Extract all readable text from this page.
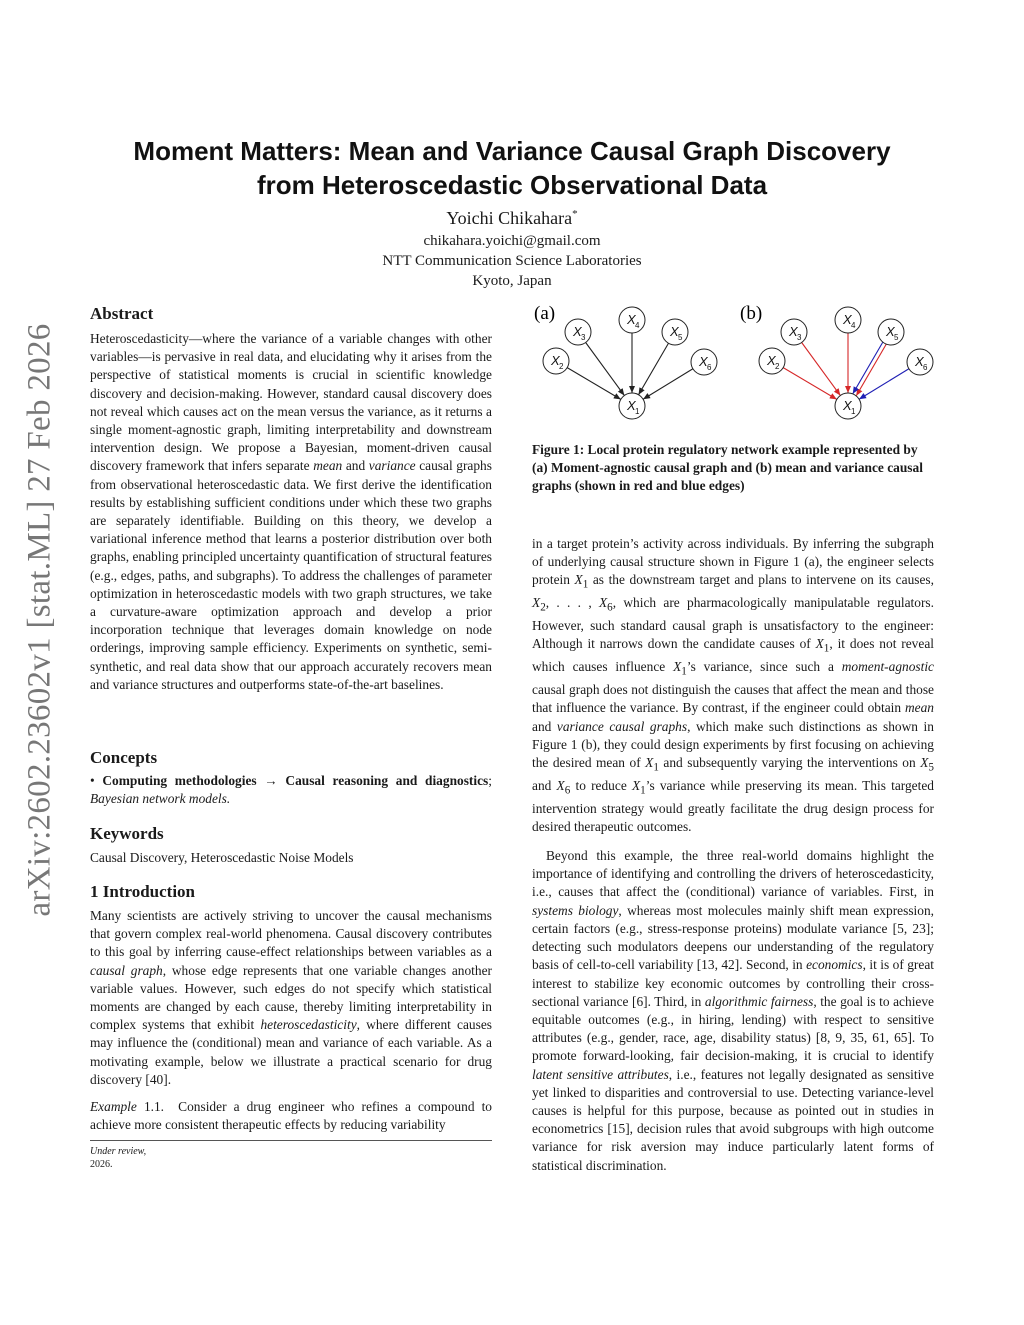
arXiv:2602.23602v1 [stat.ML] 27 Feb 2026
Moment Matters: Mean and Variance Causal Graph Discovery
from Heteroscedastic Observational Data
Yoichi Chikahara*
chikahara.yoichi@gmail.com
NTT Communication Science Laboratories
Kyoto, Japan
Abstract

Heteroscedasticity—where the variance of a variable changes with other variables—is pervasive in real data, and elucidating why it arises from the perspective of statistical moments is crucial in scientific knowledge discovery and decision-making. However, standard causal discovery does not reveal which causes act on the mean versus the variance, as it returns a single moment-agnostic graph, limiting interpretability and downstream intervention design. We propose a Bayesian, moment-driven causal discovery framework that infers separate mean and variance causal graphs from observational heteroscedastic data. We first derive the identification results by establishing sufficient conditions under which these two graphs are separately identifiable. Building on this theory, we develop a variational inference method that learns a posterior distribution over both graphs, enabling principled uncertainty quantification of structural features (e.g., edges, paths, and subgraphs). To address the challenges of parameter optimization in heteroscedastic models with two graph structures, we take a curvature-aware optimization approach and develop a prior incorporation technique that leverages domain knowledge on node orderings, improving sample efficiency. Experiments on synthetic, semi-synthetic, and real data show that our approach accurately recovers mean and variance structures and outperforms state-of-the-art baselines.

Concepts

• Computing methodologies → Causal reasoning and diagnostics; Bayesian network models.

Keywords
Causal Discovery, Heteroscedastic Noise Models
1 Introduction

Many scientists are actively striving to uncover the causal mechanisms that govern complex real-world phenomena. Causal discovery contributes to this goal by inferring cause-effect relationships between variables as a causal graph, whose edge represents that one variable changes another variable values. However, such edges do not specify which statistical moments are changed by each cause, thereby limiting interpretability in complex systems that exhibit heteroscedasticity, where different causes may influence the (conditional) mean and variance of each variable. As a motivating example, below we illustrate a practical scenario for drug discovery [40].

Example 1.1. Consider a drug engineer who refines a compound to achieve more consistent therapeutic effects by reducing variability

Under review,
2026.
(a)	(b)
X 3
X 4 X 5
X 2	X 6
X 1
X 3
X 4 X 5
X 2	X 6
X 1
Figure 1: Local protein regulatory network example represented by (a) Moment-agnostic causal graph and (b) mean and variance causal graphs (shown in red and blue edges)

in a target protein’s activity across individuals. By inferring the subgraph of underlying causal structure shown in Figure 1 (a), the engineer selects protein $X_1$ as the downstream target and plans to intervene on its causes, $X_2$, . . . , $X_6$, which are pharmacologically manipulatable regulators. However, such standard causal graph is unsatisfactory to the engineer: Although it narrows down the candidate causes of $X_1$, it does not reveal which causes influence $X_1’s$ variance, since such a moment-agnostic causal graph does not distinguish the causes that affect the mean and those that influence the variance. By contrast, if the engineer could obtain mean and variance causal graphs, which make such distinctions as shown in Figure 1 (b), they could design experiments by first focusing on achieving the desired mean of $X_1$ and subsequently varying the interventions on $X_5$ and $X_6$ to reduce $X_1’s$ variance while preserving its mean. This targeted intervention strategy would greatly facilitate the drug design process for desired therapeutic outcomes.

Beyond this example, the three real-world domains highlight the importance of identifying and controlling the drivers of heteroscedasticity, i.e., causes that affect the (conditional) variance of variables. First, in systems biology, whereas most molecules mainly shift mean expression, certain factors (e.g., stress-response proteins) modulate variance [5, 23]; detecting such modulators deepens our understanding of the regulatory basis of cell-to-cell variability [13, 42]. Second, in economics, it is of great interest to stabilize key economic outcomes by controlling their cross-sectional variance [6]. Third, in algorithmic fairness, the goal is to achieve equitable outcomes (e.g., in hiring, lending) with respect to sensitive attributes (e.g., gender, race, age, disability status) [8, 9, 35, 61, 65]. To promote forward-looking, fair decision-making, it is crucial to identify latent sensitive attributes, i.e., features not legally designated as sensitive yet linked to disparities and controversial to use. Detecting variance-level causes is helpful for this purpose, because as pointed out in studies in econometrics [15], decision rules that avoid subgroups with high outcome variance for risk aversion may induce particularly latent forms of statistical discrimination.
